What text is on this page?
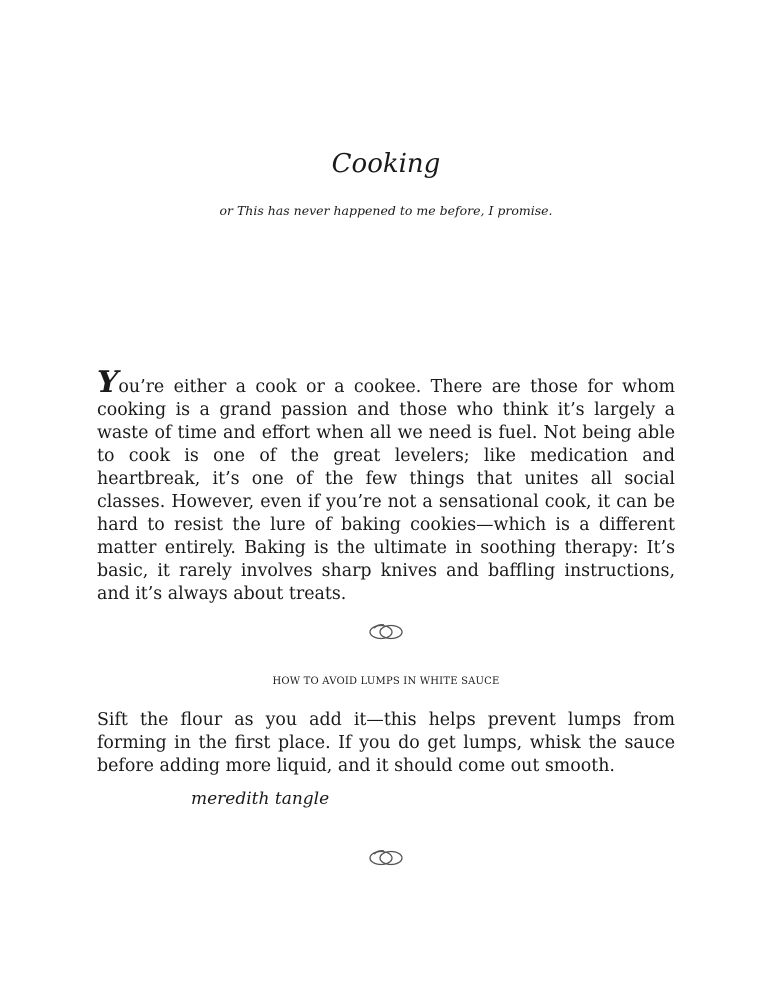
Cooking

or This has never happened to me before, I promise.

You’re either a cook or a cookee. There are those for whom cooking is a grand passion and those who think it’s largely a waste of time and effort when all we need is fuel. Not being able to cook is one of the great levelers; like medication and heartbreak, it’s one of the few things that unites all social classes. However, even if you’re not a sensational cook, it can be hard to resist the lure of baking cookies—which is a different matter entirely. Baking is the ultimate in soothing therapy: It’s basic, it rarely involves sharp knives and baffling instructions, and it’s always about treats.

HOW TO AVOID LUMPS IN WHITE SAUCE

Sift the flour as you add it—this helps prevent lumps from forming in the first place. If you do get lumps, whisk the sauce before adding more liquid, and it should come out smooth.

meredith tangle
